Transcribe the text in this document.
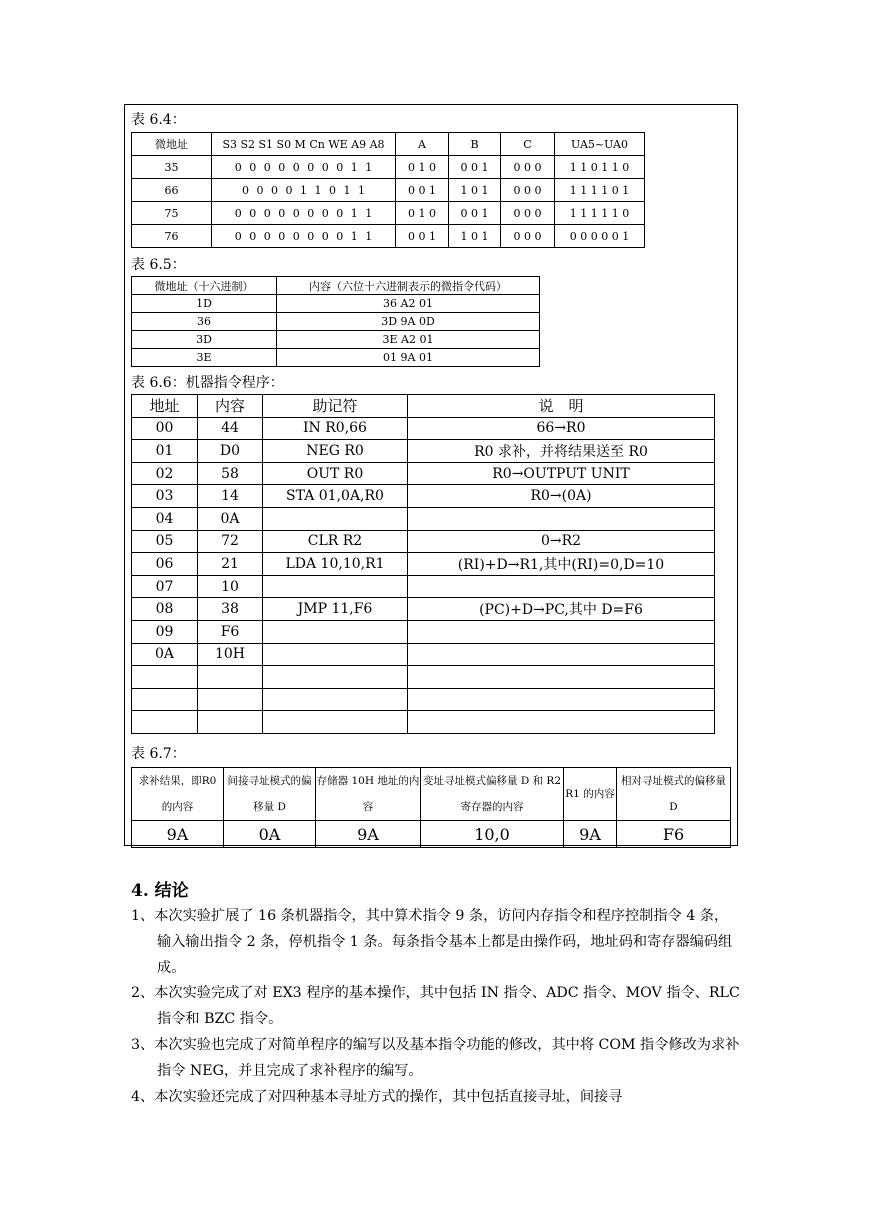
表 6.4：
微地址	S3 S2 S1 S0 M Cn WE A9 A8	A	B	C	UA5~UA0
35	0 0 0 0 0 0 0 0 1 1	0 1 0	0 0 1	0 0 0	1 1 0 1 1 0
66	0 0 0 0 1 1 0 1 1	0 0 1	1 0 1	0 0 0	1 1 1 1 0 1
75	0 0 0 0 0 0 0 0 1 1	0 1 0	0 0 1	0 0 0	1 1 1 1 1 0
76	0 0 0 0 0 0 0 0 1 1	0 0 1	1 0 1	0 0 0	0 0 0 0 0 1
表 6.5：
微地址（十六进制）	内容（六位十六进制表示的微指令代码）
1D	36 A2 01
36	3D 9A 0D
3D	3E A2 01
3E	01 9A 01
表 6.6：机器指令程序：
地址	内容	助记符	说　明
00	44	IN R0,66	66→R0
01	D0	NEG R0	R0 求补，并将结果送至 R0
02	58	OUT R0	R0→OUTPUT UNIT
03	14	STA 01,0A,R0	R0→(0A)
04	0A		
05	72	CLR R2	0→R2
06	21	LDA 10,10,R1	(RI)+D→R1,其中(RI)=0,D=10
07	10		
08	38	JMP 11,F6	(PC)+D→PC,其中 D=F6
09	F6		
0A	10H		

表 6.7：
求补结果，即R0 的内容	间接寻址模式的偏移量 D	存储器 10H 地址的内容	变址寻址模式偏移量 D 和 R2 寄存器的内容	R1 的内容	相对寻址模式的偏移量 D
9A	0A	9A	10,0	9A	F6
4. 结论
1、本次实验扩展了 16 条机器指令，其中算术指令 9 条，访问内存指令和程序控制指令 4 条，输入输出指令 2 条，停机指令 1 条。每条指令基本上都是由操作码，地址码和寄存器编码组成。
2、本次实验完成了对 EX3 程序的基本操作，其中包括 IN 指令、ADC 指令、MOV 指令、RLC 指令和 BZC 指令。
3、本次实验也完成了对简单程序的编写以及基本指令功能的修改，其中将 COM 指令修改为求补指令 NEG，并且完成了求补程序的编写。
4、本次实验还完成了对四种基本寻址方式的操作，其中包括直接寻址，间接寻
